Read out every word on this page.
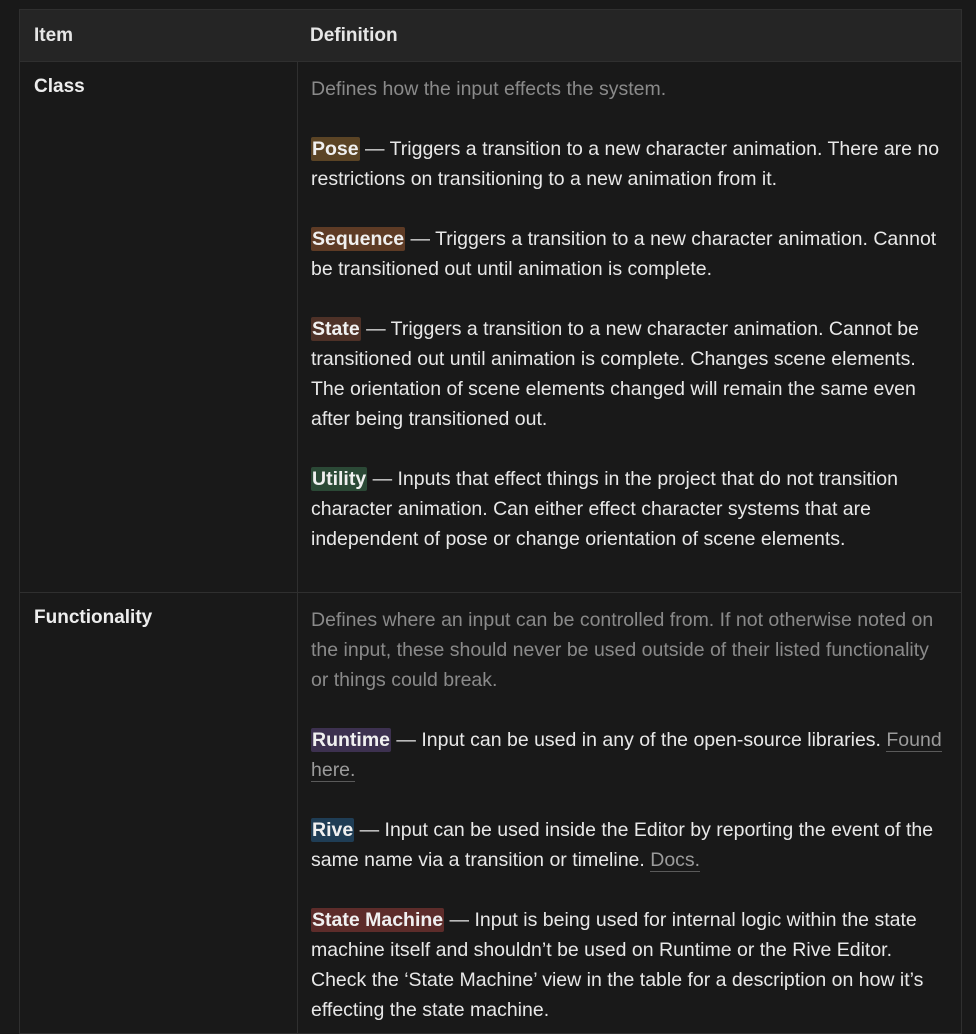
Item	Definition
Class	Defines how the input effects the system.

Pose — Triggers a transition to a new character animation. There are no restrictions on transitioning to a new animation from it.

Sequence — Triggers a transition to a new character animation. Cannot be transitioned out until animation is complete.

State — Triggers a transition to a new character animation. Cannot be transitioned out until animation is complete. Changes scene elements. The orientation of scene elements changed will remain the same even after being transitioned out.

Utility — Inputs that effect things in the project that do not transition character animation. Can either effect character systems that are independent of pose or change orientation of scene elements.

Functionality	Defines where an input can be controlled from. If not otherwise noted on the input, these should never be used outside of their listed functionality or things could break.

Runtime — Input can be used in any of the open-source libraries. Found here.

Rive — Input can be used inside the Editor by reporting the event of the same name via a transition or timeline. Docs.

State Machine — Input is being used for internal logic within the state machine itself and shouldn’t be used on Runtime or the Rive Editor. Check the ‘State Machine’ view in the table for a description on how it’s effecting the state machine.
